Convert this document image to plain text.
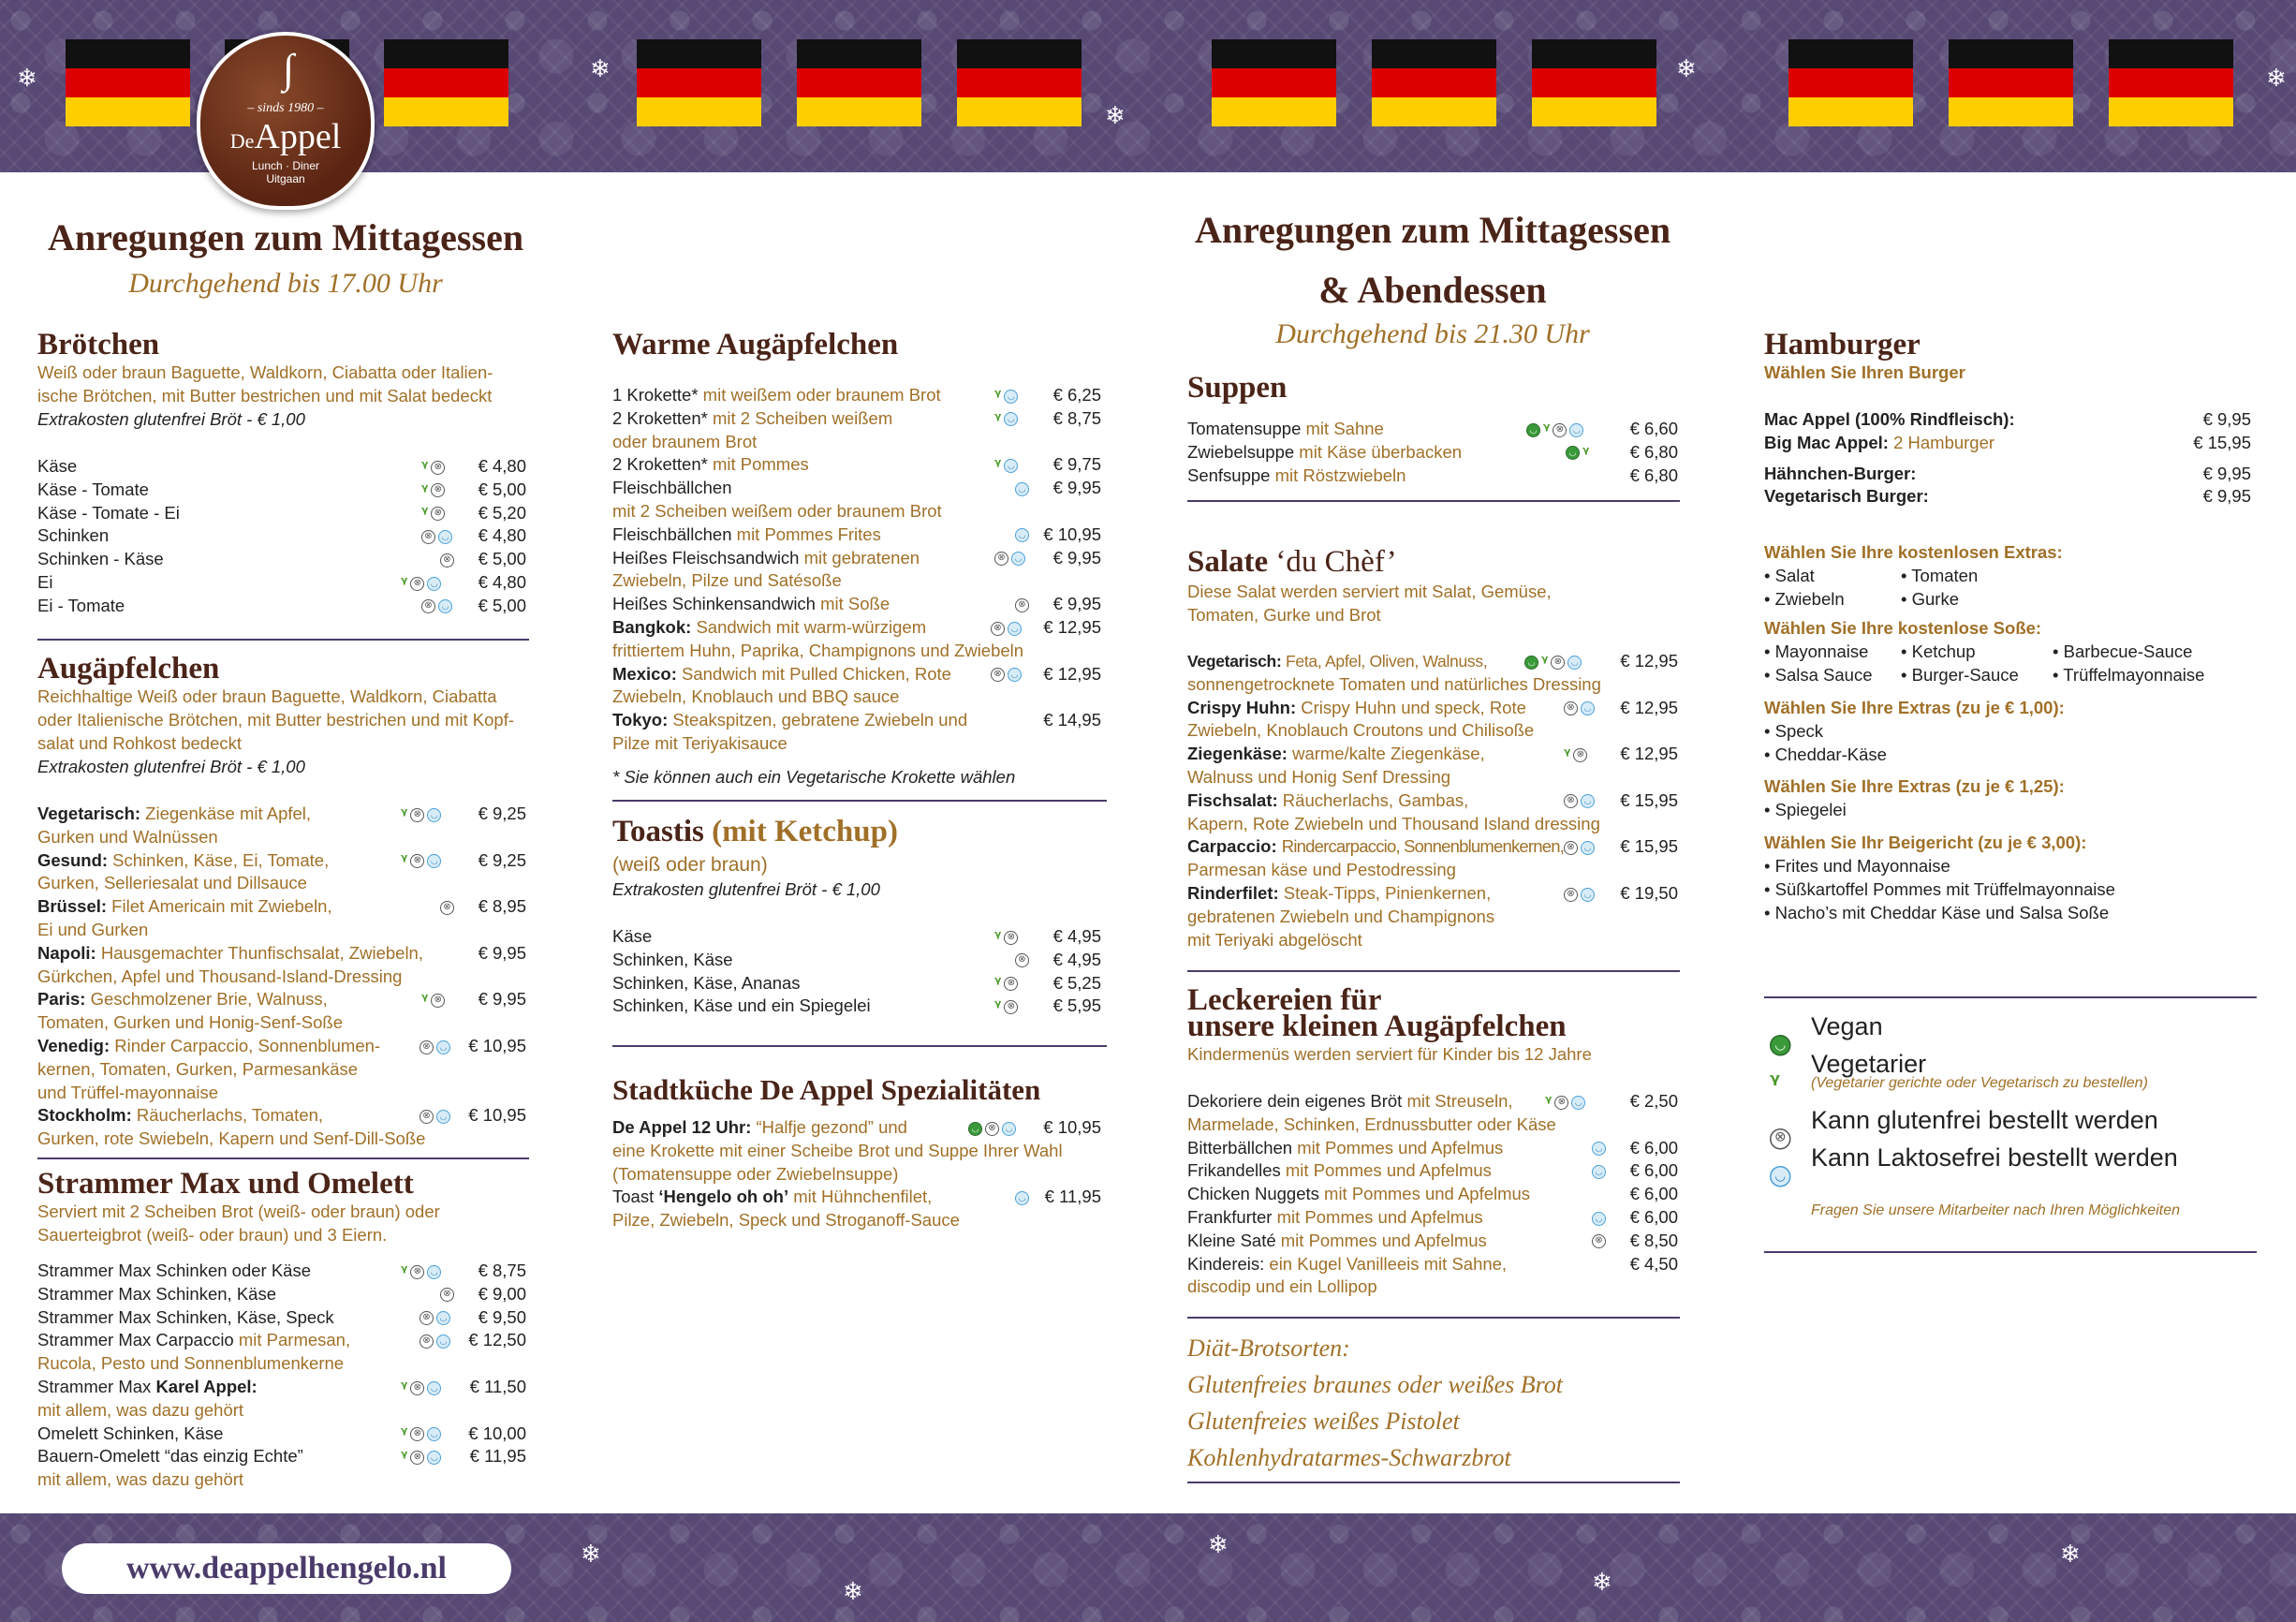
❄	❄
❄
❄	❄
∫
– sinds 1980 –
DeAppel
Lunch · Diner
Uitgaan
Anregungen zum Mittagessen
Durchgehend bis 17.00 Uhr
Brötchen
Weiß oder braun Baguette, Waldkorn, Ciabatta oder Italien-
ische Brötchen, mit Butter bestrichen und mit Salat bedeckt
Extrakosten glutenfrei Bröt - € 1,00
Käse	ᵞ ⊗	€ 4,80
Käse - Tomate	ᵞ ⊗	€ 5,00
Käse - Tomate - Ei	ᵞ ⊗	€ 5,20
Schinken	⊗ ◡	€ 4,80
Schinken - Käse	⊗	€ 5,00
Ei	ᵞ ⊗ ◡	€ 4,80
Ei - Tomate	⊗ ◡	€ 5,00
Augäpfelchen
Reichhaltige Weiß oder braun Baguette, Waldkorn, Ciabatta
oder Italienische Brötchen, mit Butter bestrichen und mit Kopf-
salat und Rohkost bedeckt
Extrakosten glutenfrei Bröt - € 1,00
Vegetarisch: Ziegenkäse mit Apfel,	ᵞ ⊗ ◡	€ 9,25
Gurken und Walnüssen
Gesund: Schinken, Käse, Ei, Tomate,	ᵞ ⊗ ◡	€ 9,25
Gurken, Selleriesalat und Dillsauce
Brüssel: Filet Americain mit Zwiebeln,	⊗	€ 8,95
Ei und Gurken
Napoli: Hausgemachter Thunfischsalat, Zwiebeln,	€ 9,95
Gürkchen, Apfel und Thousand-Island-Dressing
Paris: Geschmolzener Brie, Walnuss,	ᵞ ⊗	€ 9,95
Tomaten, Gurken und Honig-Senf-Soße
Venedig: Rinder Carpaccio, Sonnenblumen-	⊗ ◡	€ 10,95
kernen, Tomaten, Gurken, Parmesankäse
und Trüffel-mayonnaise
Stockholm: Räucherlachs, Tomaten,	⊗ ◡	€ 10,95
Gurken, rote Swiebeln, Kapern und Senf-Dill-Soße
Strammer Max und Omelett
Serviert mit 2 Scheiben Brot (weiß- oder braun) oder
Sauerteigbrot (weiß- oder braun) und 3 Eiern.
Strammer Max Schinken oder Käse	ᵞ ⊗ ◡	€ 8,75
Strammer Max Schinken, Käse	⊗	€ 9,00
Strammer Max Schinken, Käse, Speck	⊗ ◡	€ 9,50
Strammer Max Carpaccio mit Parmesan,	⊗ ◡	€ 12,50
Rucola, Pesto und Sonnenblumenkerne
Strammer Max Karel Appel:	ᵞ ⊗ ◡	€ 11,50
mit allem, was dazu gehört
Omelett Schinken, Käse	ᵞ ⊗ ◡	€ 10,00
Bauern-Omelett “das einzig Echte”	ᵞ ⊗ ◡	€ 11,95
mit allem, was dazu gehört
Warme Augäpfelchen
1 Krokette* mit weißem oder braunem Brot	ᵞ ◡	€ 6,25
2 Kroketten* mit 2 Scheiben weißem	ᵞ ◡	€ 8,75
oder braunem Brot
2 Kroketten* mit Pommes	ᵞ ◡	€ 9,75
Fleischbällchen	◡	€ 9,95
mit 2 Scheiben weißem oder braunem Brot
Fleischbällchen mit Pommes Frites	◡	€ 10,95
Heißes Fleischsandwich mit gebratenen	⊗ ◡	€ 9,95
Zwiebeln, Pilze und Satésoße
Heißes Schinkensandwich mit Soße	⊗	€ 9,95
Bangkok: Sandwich mit warm-würzigem	⊗ ◡	€ 12,95
frittiertem Huhn, Paprika, Champignons und Zwiebeln
Mexico: Sandwich mit Pulled Chicken, Rote	⊗ ◡	€ 12,95
Zwiebeln, Knoblauch und BBQ sauce
Tokyo: Steakspitzen, gebratene Zwiebeln und	€ 14,95
Pilze mit Teriyakisauce
* Sie können auch ein Vegetarische Krokette wählen
Toastis (mit Ketchup)
(weiß oder braun)
Extrakosten glutenfrei Bröt - € 1,00
Käse	ᵞ ⊗	€ 4,95
Schinken, Käse	⊗	€ 4,95
Schinken, Käse, Ananas	ᵞ ⊗	€ 5,25
Schinken, Käse und ein Spiegelei	ᵞ ⊗	€ 5,95
Stadtküche De Appel Spezialitäten
De Appel 12 Uhr: “Halfje gezond” und	◡ ⊗ ◡	€ 10,95
eine Krokette mit einer Scheibe Brot und Suppe Ihrer Wahl
(Tomatensuppe oder Zwiebelnsuppe)
Toast ‘Hengelo oh oh’ mit Hühnchenfilet,	◡	€ 11,95
Pilze, Zwiebeln, Speck und Stroganoff-Sauce
Anregungen zum Mittagessen
& Abendessen
Durchgehend bis 21.30 Uhr
Suppen
Tomatensuppe mit Sahne	◡ ᵞ ⊗ ◡	€ 6,60
Zwiebelsuppe mit Käse überbacken	◡ ᵞ € 6,80
Senfsuppe mit Röstzwiebeln	€ 6,80
Salate ‘du Chèf’
Diese Salat werden serviert mit Salat, Gemüse,
Tomaten, Gurke und Brot
Vegetarisch: Feta, Apfel, Oliven, Walnuss,	◡ ᵞ ⊗ ◡	€ 12,95
sonnengetrocknete Tomaten und natürliches Dressing
Crispy Huhn: Crispy Huhn und speck, Rote	⊗ ◡	€ 12,95
Zwiebeln, Knoblauch Croutons und Chilisoße
Ziegenkäse: warme/kalte Ziegenkäse,	ᵞ ⊗	€ 12,95
Walnuss und Honig Senf Dressing
Fischsalat: Räucherlachs, Gambas,	⊗ ◡	€ 15,95
Kapern, Rote Zwiebeln und Thousand Island dressing
Carpaccio: Rindercarpaccio, Sonnenblumenkernen, ⊗ ◡	€ 15,95
Parmesan käse und Pestodressing
Rinderfilet: Steak-Tipps, Pinienkernen,	⊗ ◡	€ 19,50
gebratenen Zwiebeln und Champignons
mit Teriyaki abgelöscht
Leckereien für
unsere kleinen Augäpfelchen
Kindermenüs werden serviert für Kinder bis 12 Jahre
Dekoriere dein eigenes Bröt mit Streuseln, ᵞ ⊗ ◡	€ 2,50
Marmelade, Schinken, Erdnussbutter oder Käse
Bitterbällchen mit Pommes und Apfelmus	◡	€ 6,00
Frikandelles mit Pommes und Apfelmus	◡	€ 6,00
Chicken Nuggets mit Pommes und Apfelmus	€ 6,00
Frankfurter mit Pommes und Apfelmus	◡	€ 6,00
Kleine Saté mit Pommes und Apfelmus	⊗	€ 8,50
Kindereis: ein Kugel Vanilleeis mit Sahne,	€ 4,50
discodip und ein Lollipop
Diät-Brotsorten:
Glutenfreies braunes oder weißes Brot
Glutenfreies weißes Pistolet
Kohlenhydratarmes-Schwarzbrot
Hamburger
Wählen Sie Ihren Burger
Mac Appel (100% Rindfleisch):	€ 9,95
Big Mac Appel: 2 Hamburger	€ 15,95
Hähnchen-Burger:	€ 9,95
Vegetarisch Burger:	€ 9,95
Wählen Sie Ihre kostenlosen Extras:
• Salat	• Tomaten
• Zwiebeln	• Gurke
Wählen Sie Ihre kostenlose Soße:
• Mayonnaise • Ketchup	• Barbecue-Sauce
• Salsa Sauce • Burger-Sauce • Trüffelmayonnaise
Wählen Sie Ihre Extras (zu je € 1,00):
• Speck
• Cheddar-Käse
Wählen Sie Ihre Extras (zu je € 1,25):
• Spiegelei
Wählen Sie Ihr Beigericht (zu je € 3,00):
• Frites und Mayonnaise
• Süßkartoffel Pommes mit Trüffelmayonnaise
• Nacho’s mit Cheddar Käse und Salsa Soße
◡
Vegan
ᵞ
Vegetarier
(Vegetarier gerichte oder Vegetarisch zu bestellen)
⊗
Kann glutenfrei bestellt werden
◡
Kann Laktosefrei bestellt werden
Fragen Sie unsere Mitarbeiter nach Ihren Möglichkeiten
❄
❄
❄
❄
❄
www.deappelhengelo.nl
